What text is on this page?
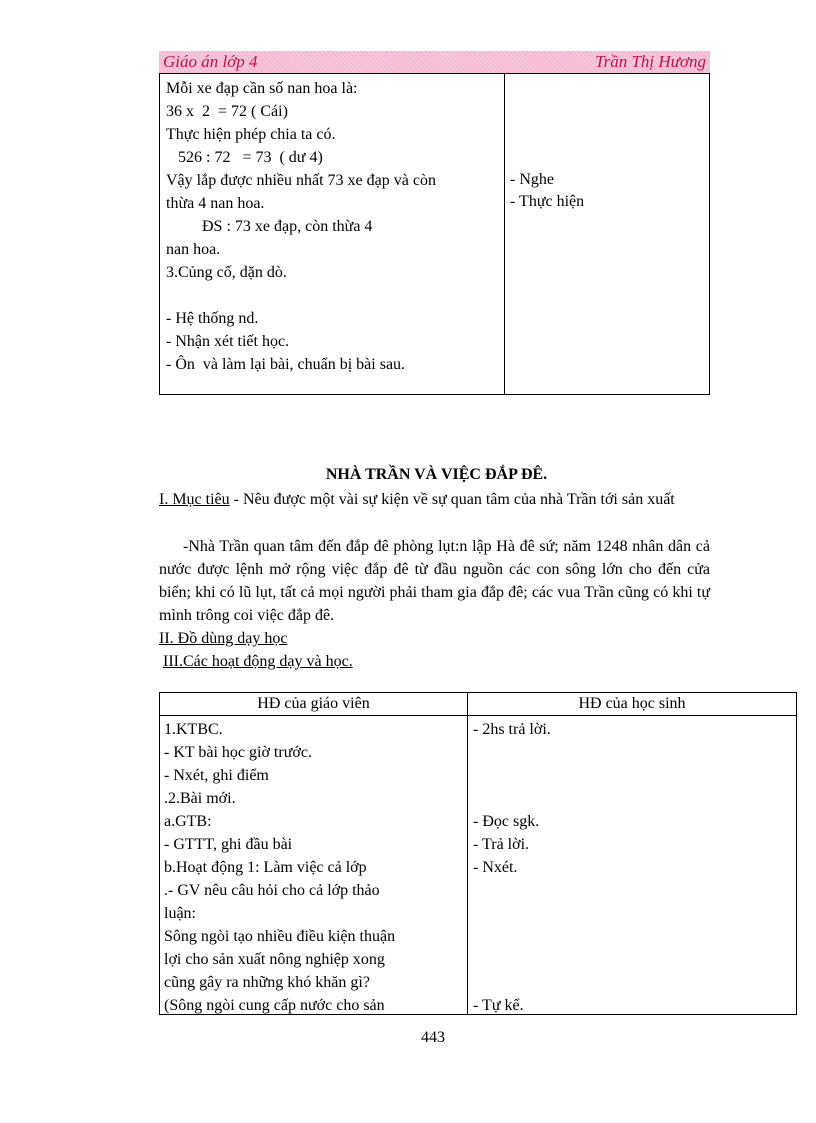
Giáo án lớp 4	Trần Thị Hương
Mỗi xe đạp cần số nan hoa là:
36 x  2  = 72 ( Cái)
Thực hiện phép chia ta có.
526 : 72   = 73  ( dư 4)
Vậy lắp được nhiều nhất 73 xe đạp và còn
thừa 4 nan hoa.
ĐS : 73 xe đạp, còn thừa 4
nan hoa.
3.Củng cố, dặn dò.

- Hệ thống nd.
- Nhận xét tiết học.
- Ôn  và làm lại bài, chuẩn bị bài sau.
- Nghe
- Thực hiện
NHÀ TRẦN VÀ VIỆC ĐẮP ĐÊ.
I. Mục tiêu - Nêu được một vài sự kiện về sự quan tâm của nhà Trần tới sản xuất
-Nhà Trần quan tâm đến đắp đê phòng lụt:n lập Hà đê sứ; năm 1248 nhân dân cả nước được lệnh mở rộng việc đắp đê từ đầu nguồn các con sông lớn cho đến cửa biển; khi có lũ lụt, tất cả mọi người phải tham gia đắp đê; các vua Trần cũng có khi tự mình trông coi việc đắp đê.
II. Đồ dùng dạy học
III.Các hoạt động dạy và học.
HĐ của giáo viên	HĐ của học sinh
1.KTBC.
- KT bài học giờ trước.
- Nxét, ghi điểm
.2.Bài mới.
a.GTB:
- GTTT, ghi đầu bài
b.Hoạt động 1: Làm việc cả lớp
.- GV nêu câu hỏi cho cả lớp thảo
luận:
Sông ngòi tạo nhiều điều kiện thuận
lợi cho sản xuất nông nghiệp xong
cũng gây ra những khó khăn gì?
(Sông ngòi cung cấp nước cho sản
- 2hs trả lời.

- Đọc sgk.
- Trả lời.
- Nxét.

- Tự kể.
443
